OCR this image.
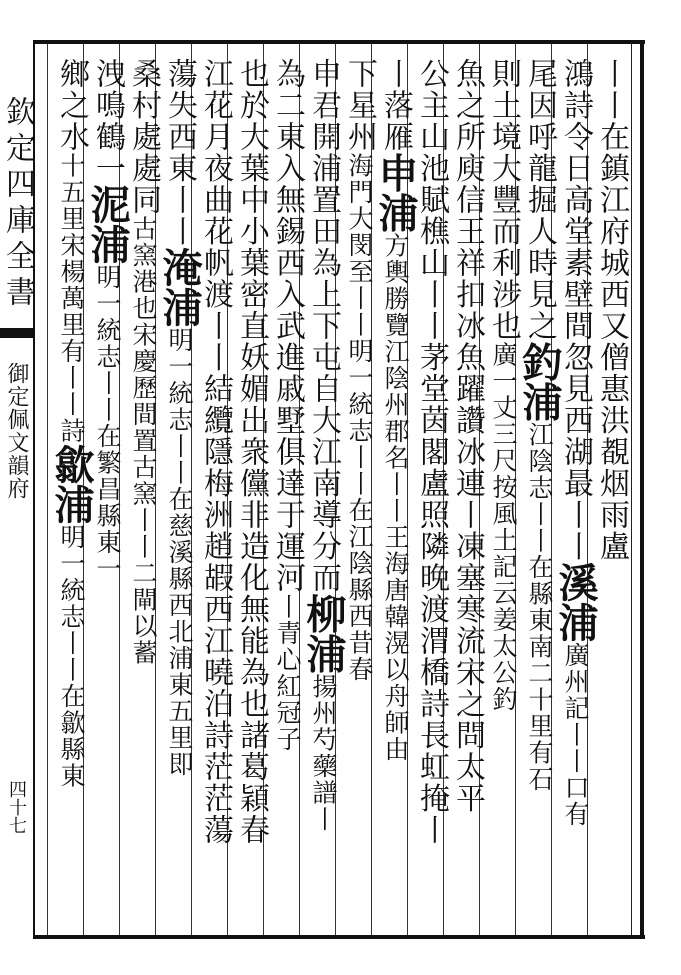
欽定四庫全書
御定佩文韻府
四十七
丨丨在鎮江府城西又僧惠洪覩烟雨盧
鴻詩令日高堂素壁間忽見西湖最丨丨溪浦廣州記丨丨口有
尾因呼龍掘人時見之釣浦江陰志丨丨在縣東南二十里有石
則土境大豐而利涉也廣一丈三尺按風土記云姜太公釣
魚之所庾信王祥扣冰魚躍讚冰連丨凍塞寒流宋之問太平
公主山池賦樵山丨丨茅堂茵閣盧照隣晚渡渭橋詩長虹掩丨
丨落雁申浦方輿勝覽江陰州郡名丨丨王海唐韓滉以舟師由
下星州海門大閔至丨丨明一統志丨丨在江陰縣西昔春
申君開浦置田為上下屯自大江南導分而柳浦揚州芍藥譜丨
為二東入無錫西入武進戚墅俱達于運河丨青心紅冠子
也於大葉中小葉密直妖媚出衆儻非造化無能為也諸葛穎春
江花月夜曲花帆渡丨丨結纜隱梅洲趙嘏西江曉泊詩茫茫蕩
蕩失西東丨丨淹浦明一統志丨丨在慈溪縣西北浦東五里即
桑村處處同古窯港也宋慶歷間置古窯丨丨二閘以蓄
洩鳴鶴一泥浦明一統志丨丨在繁昌縣東一
鄉之水十五里宋楊萬里有丨丨詩歙浦明一統志丨丨在歙縣東
